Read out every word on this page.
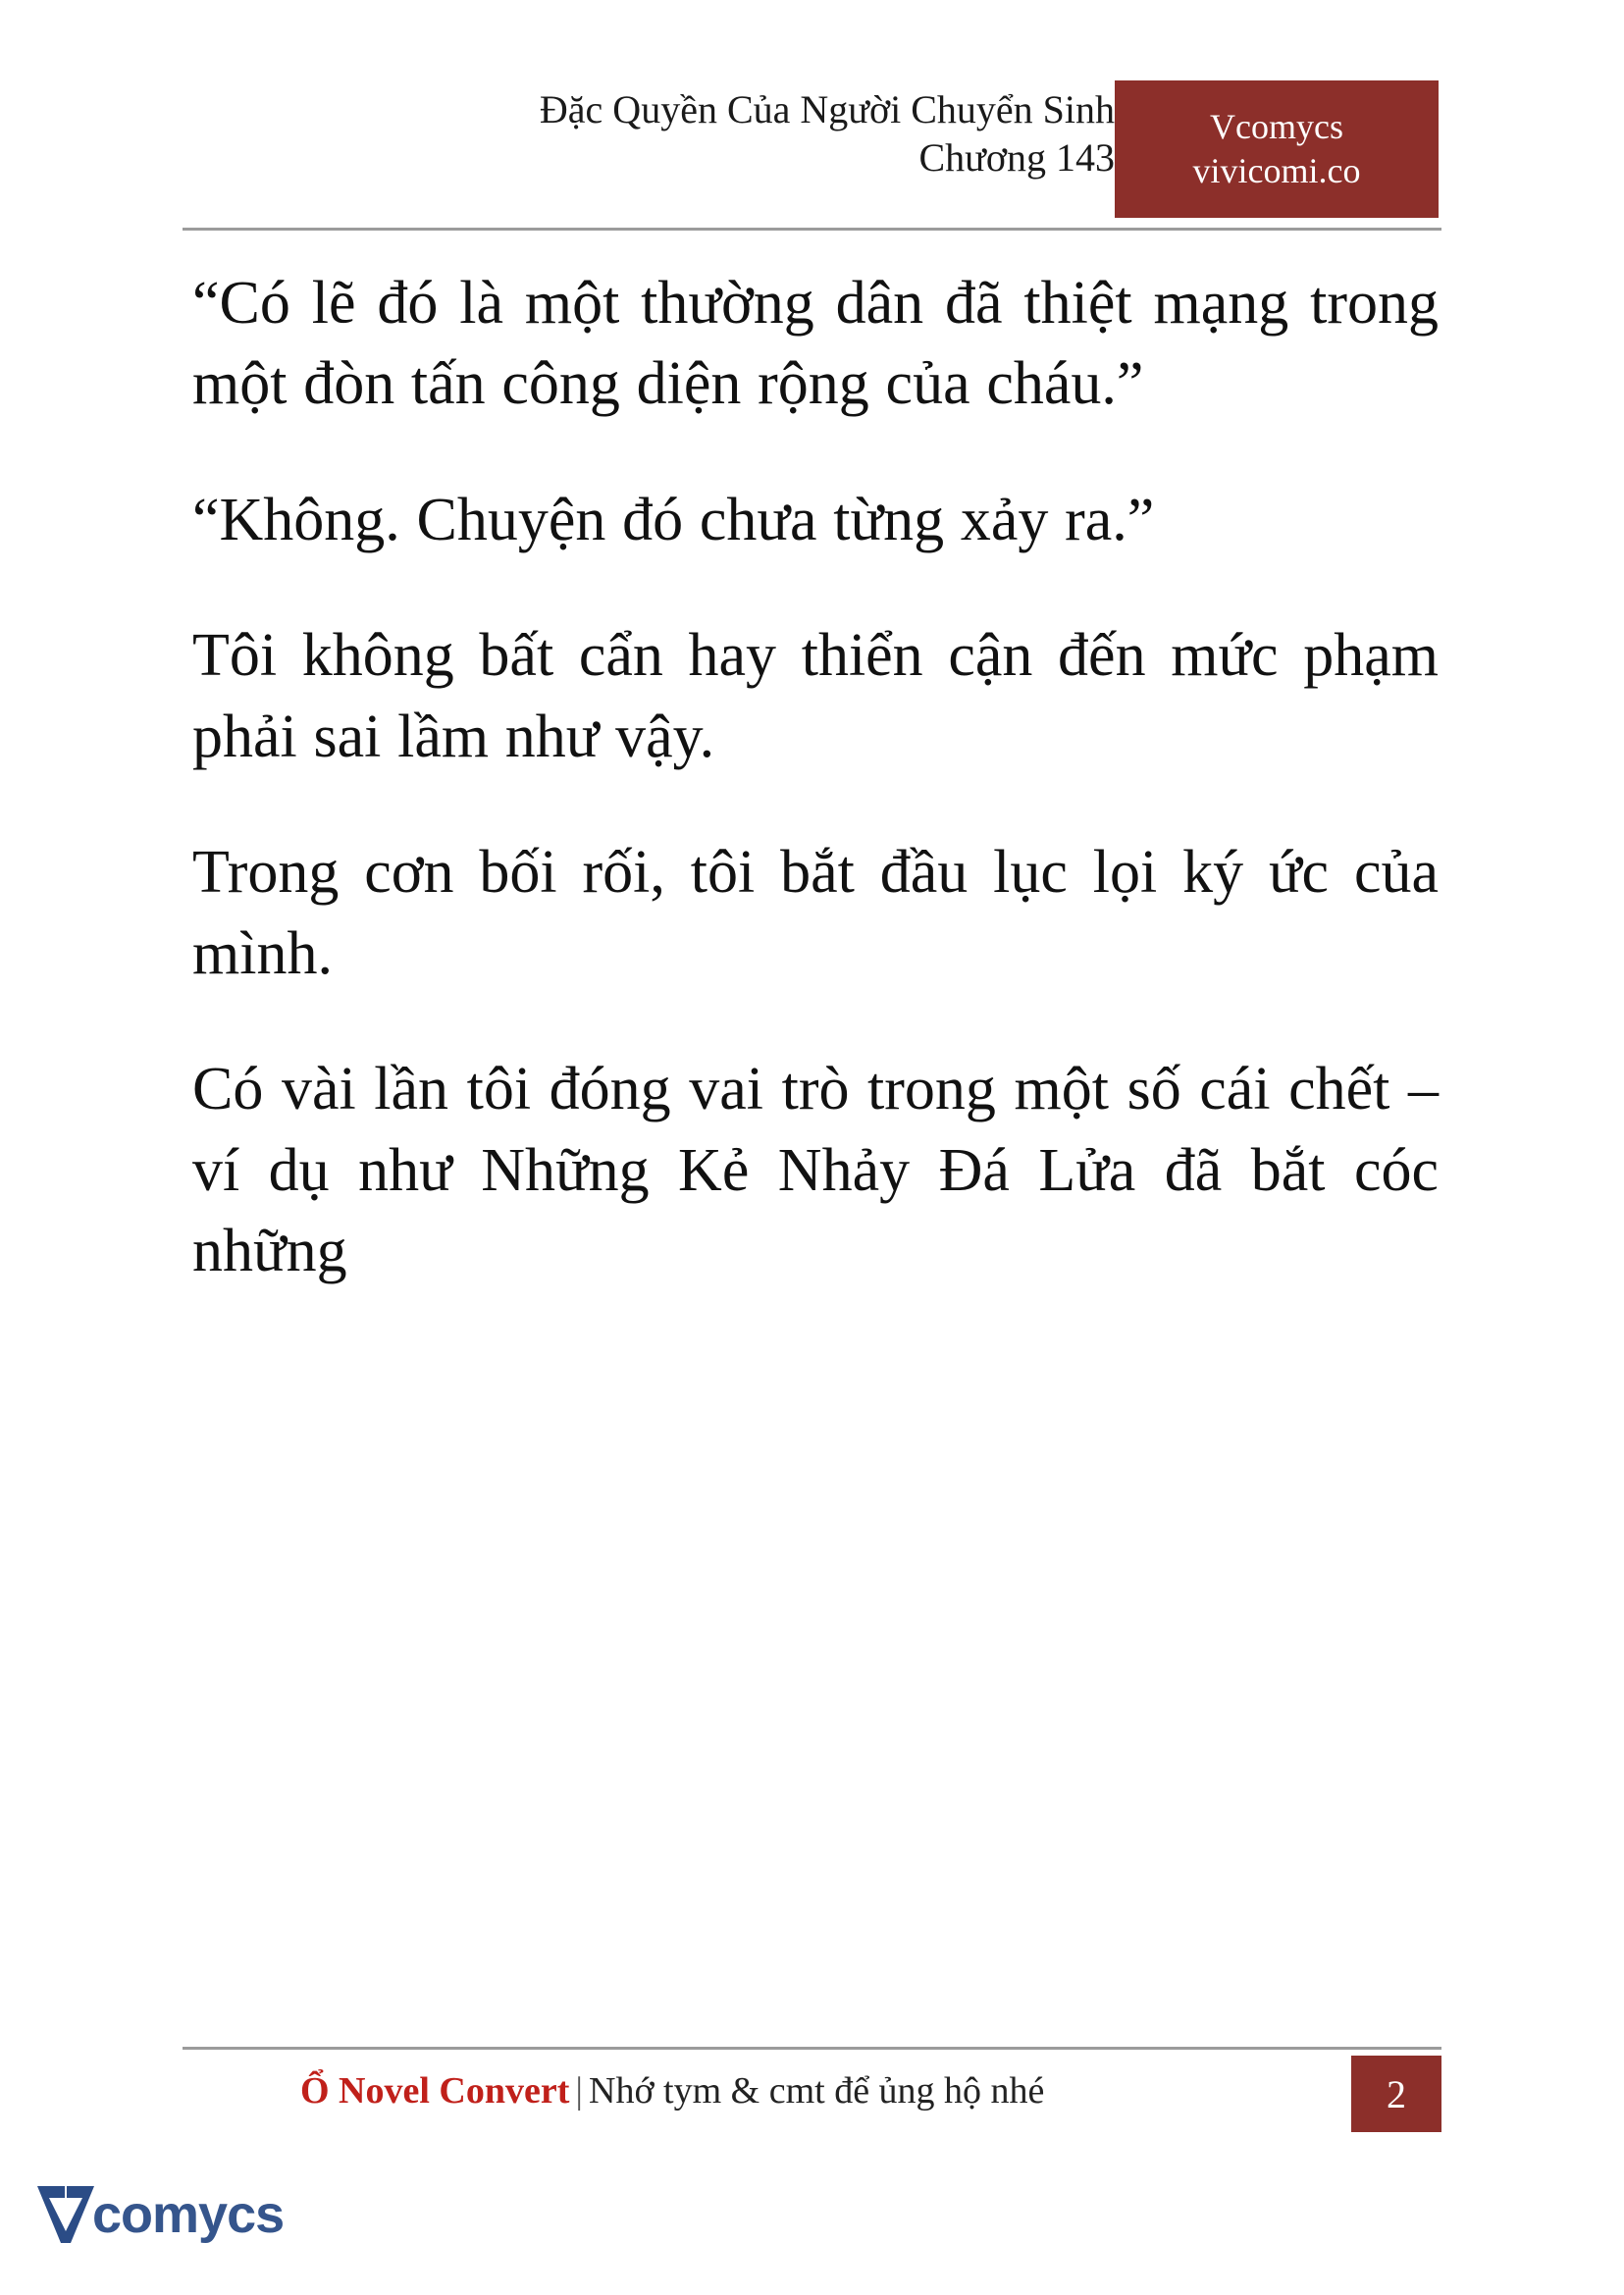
Đặc Quyền Của Người Chuyển Sinh
Chương 143
Vcomycs
vivicomi.co

“Có lẽ đó là một thường dân đã thiệt mạng trong một đòn tấn công diện rộng của cháu.”

“Không. Chuyện đó chưa từng xảy ra.”

Tôi không bất cẩn hay thiển cận đến mức phạm phải sai lầm như vậy.

Trong cơn bối rối, tôi bắt đầu lục lọi ký ức của mình.

Có vài lần tôi đóng vai trò trong một số cái chết – ví dụ như Những Kẻ Nhảy Đá Lửa đã bắt cóc những

Ổ Novel Convert | Nhớ tym & cmt để ủng hộ nhé	2
comycs
